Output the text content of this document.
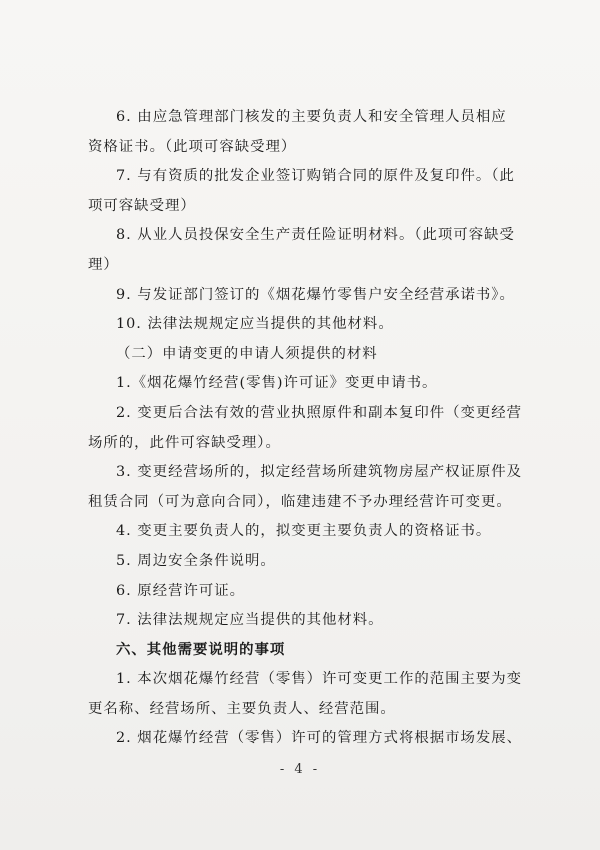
6. 由应急管理部门核发的主要负责人和安全管理人员相应
资格证书。（此项可容缺受理）
7. 与有资质的批发企业签订购销合同的原件及复印件。（此
项可容缺受理）
8. 从业人员投保安全生产责任险证明材料。（此项可容缺受
理）
9. 与发证部门签订的《烟花爆竹零售户安全经营承诺书》。
10. 法律法规规定应当提供的其他材料。
（二）申请变更的申请人须提供的材料
1.《烟花爆竹经营(零售)许可证》变更申请书。
2. 变更后合法有效的营业执照原件和副本复印件（变更经营
场所的，此件可容缺受理）。
3. 变更经营场所的，拟定经营场所建筑物房屋产权证原件及
租赁合同（可为意向合同），临建违建不予办理经营许可变更。
4. 变更主要负责人的，拟变更主要负责人的资格证书。
5. 周边安全条件说明。
6. 原经营许可证。
7. 法律法规规定应当提供的其他材料。
六、其他需要说明的事项
1. 本次烟花爆竹经营（零售）许可变更工作的范围主要为变
更名称、经营场所、主要负责人、经营范围。
2. 烟花爆竹经营（零售）许可的管理方式将根据市场发展、
- 4 -
